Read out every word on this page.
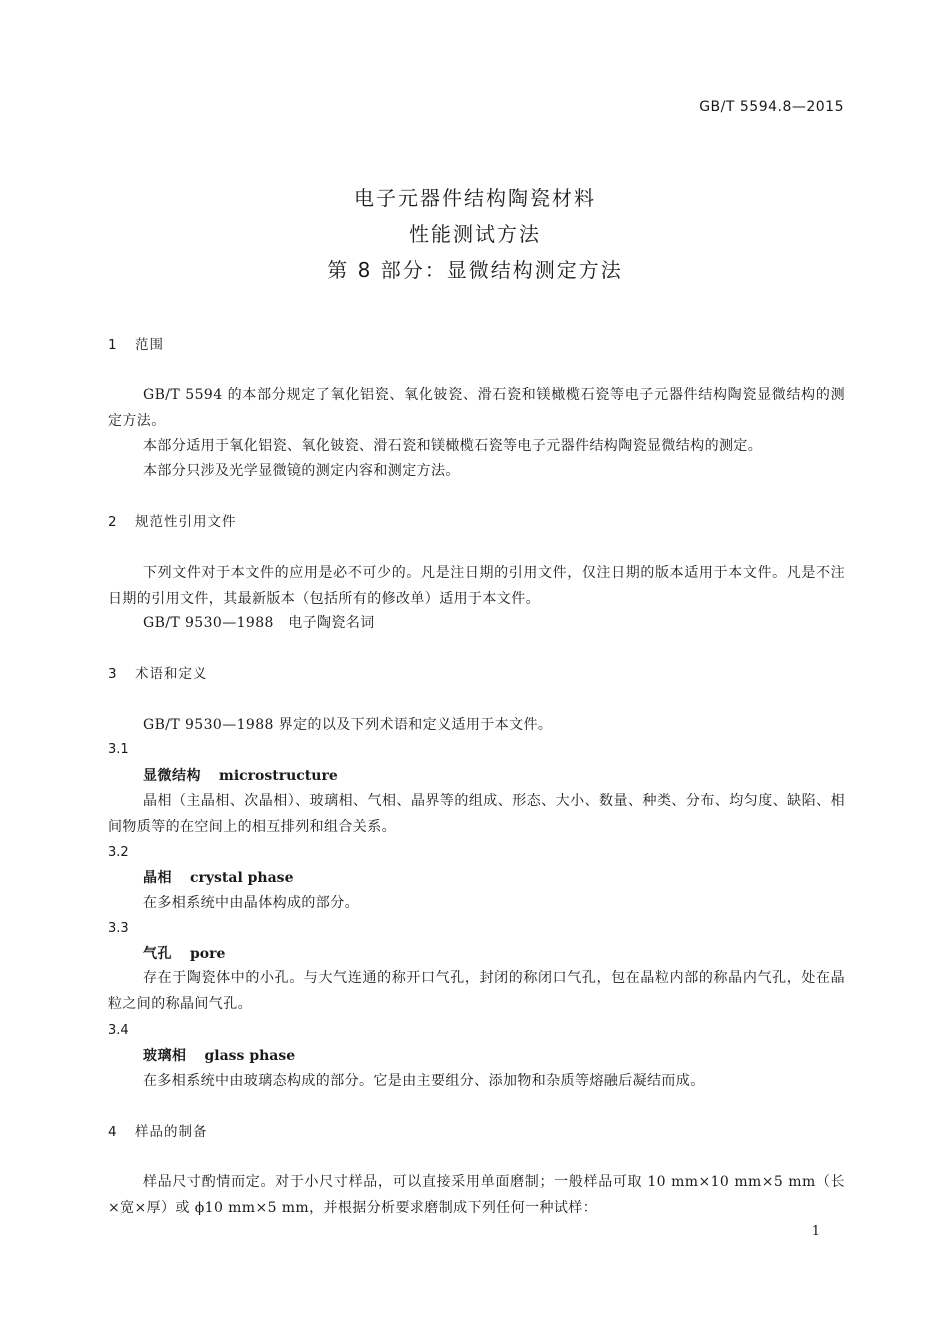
GB/T 5594.8—2015
电子元器件结构陶瓷材料
性能测试方法
第 8 部分：显微结构测定方法
1 范围

GB/T 5594 的本部分规定了氧化铝瓷、氧化铍瓷、滑石瓷和镁橄榄石瓷等电子元器件结构陶瓷显微结构的测定方法。

本部分适用于氧化铝瓷、氧化铍瓷、滑石瓷和镁橄榄石瓷等电子元器件结构陶瓷显微结构的测定。

本部分只涉及光学显微镜的测定内容和测定方法。

2 规范性引用文件

下列文件对于本文件的应用是必不可少的。凡是注日期的引用文件，仅注日期的版本适用于本文件。凡是不注日期的引用文件，其最新版本（包括所有的修改单）适用于本文件。

GB/T 9530—1988　电子陶瓷名词
3 术语和定义
GB/T 9530—1988 界定的以及下列术语和定义适用于本文件。
3.1
显微结构 microstructure

晶相（主晶相、次晶相）、玻璃相、气相、晶界等的组成、形态、大小、数量、种类、分布、均匀度、缺陷、相间物质等的在空间上的相互排列和组合关系。

3.2
晶相 crystal phase
在多相系统中由晶体构成的部分。
3.3
气孔 pore

存在于陶瓷体中的小孔。与大气连通的称开口气孔，封闭的称闭口气孔，包在晶粒内部的称晶内气孔，处在晶粒之间的称晶间气孔。

3.4
玻璃相 glass phase
在多相系统中由玻璃态构成的部分。它是由主要组分、添加物和杂质等熔融后凝结而成。
4 样品的制备

样品尺寸酌情而定。对于小尺寸样品，可以直接采用单面磨制；一般样品可取 10 mm×10 mm×5 mm（长×宽×厚）或 ϕ10 mm×5 mm，并根据分析要求磨制成下列任何一种试样：

1
